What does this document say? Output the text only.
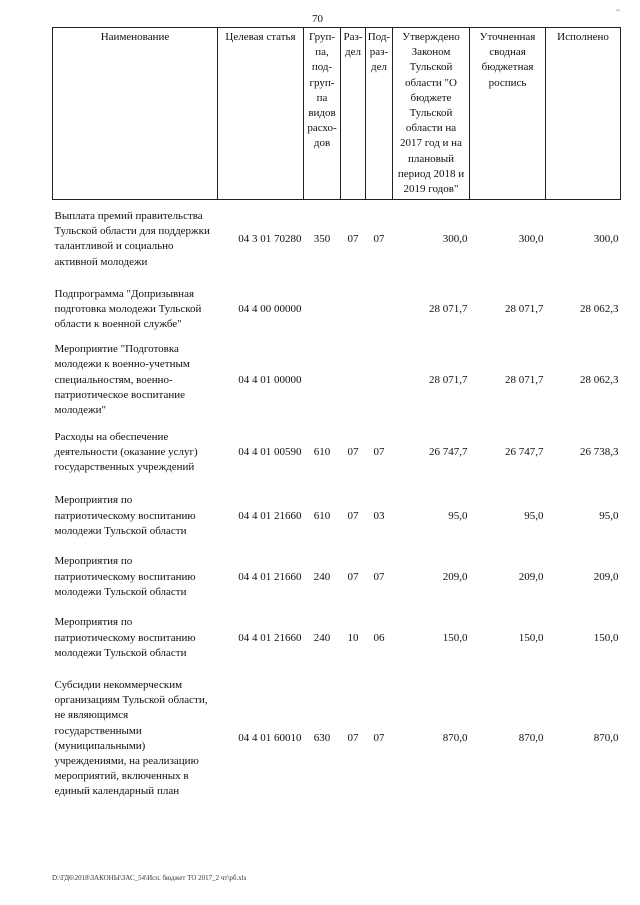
70
~
Наименование	Целевая статья	Груп-па, под-груп-па видов расхо-дов	Раз-дел	Под-раз-дел	Утверждено Законом Тульской области "О бюджете Тульской области на 2017 год и на плановый период 2018 и 2019 годов"	Уточненная сводная бюджетная роспись	Исполнено
Выплата премий правительства Тульской области для поддержки талантливой и социально активной молодежи	04 3 01 70280	350	07	07	300,0	300,0	300,0
Подпрограмма "Допризывная подготовка молодежи Тульской области к военной службе"	04 4 00 00000				28 071,7	28 071,7	28 062,3
Мероприятие "Подготовка молодежи к военно-учетным специальностям, военно-патриотическое воспитание молодежи"	04 4 01 00000				28 071,7	28 071,7	28 062,3
Расходы на обеспечение деятельности (оказание услуг) государственных учреждений	04 4 01 00590	610	07	07	26 747,7	26 747,7	26 738,3
Мероприятия по патриотическому воспитанию молодежи Тульской области	04 4 01 21660	610	07	03	95,0	95,0	95,0
Мероприятия по патриотическому воспитанию молодежи Тульской области	04 4 01 21660	240	07	07	209,0	209,0	209,0
Мероприятия по патриотическому воспитанию молодежи Тульской области	04 4 01 21660	240	10	06	150,0	150,0	150,0
Субсидии некоммерческим организациям Тульской области, не являющимся государственными (муниципальными) учреждениями, на реализацию мероприятий, включенных в единый календарный план	04 4 01 60010	630	07	07	870,0	870,0	870,0
D:\ГД6\2018\ЗАКОНЫ\ЗАС_54\Исп. бюджет ТО 2017_2 чт\рб.xls
